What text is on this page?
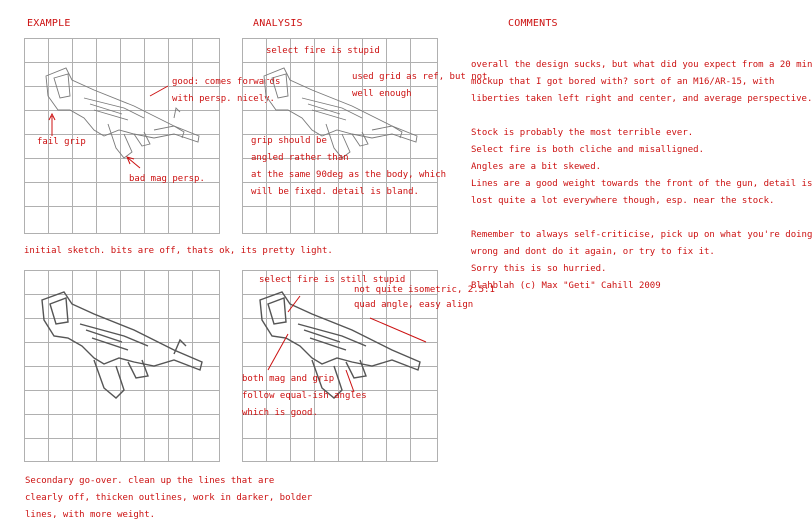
EXAMPLE	ANALYSIS	COMMENTS
good: comes forwards
with persp. nicely.
fail grip
bad mag persp.
select fire is stupid
used grid as ref, but not
well enough
grip should be
angled rather than
at the same 90deg as the body, which
will be fixed. detail is bland.
initial sketch. bits are off, thats ok, its pretty light.
select fire is still stupid
not quite isometric, 2.5:1
quad angle, easy align
both mag and grip
follow equal-ish angles
which is good.
Secondary go-over. clean up the lines that are
clearly off, thicken outlines, work in darker, bolder
lines, with more weight.
overall the design sucks, but what did you expect from a 20 min
mockup that I got bored with? sort of an M16/AR-15, with
liberties taken left right and center, and average perspective.
Stock is probably the most terrible ever.
Select fire is both cliche and misalligned.
Angles are a bit skewed.
Lines are a good weight towards the front of the gun, detail is
lost quite a lot everywhere though, esp. near the stock.
Remember to always self-criticise, pick up on what you're doing
wrong and dont do it again, or try to fix it.
Sorry this is so hurried.
Blahblah (c) Max "Geti" Cahill 2009
